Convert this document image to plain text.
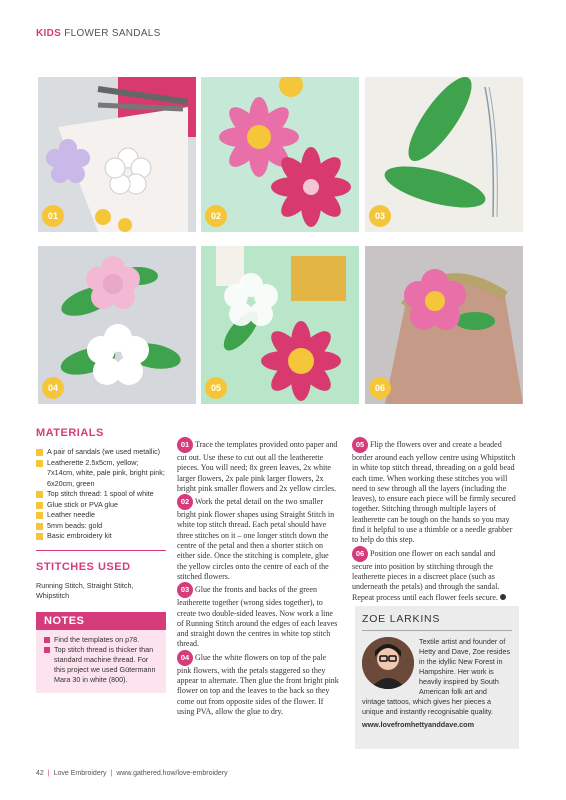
KIDS FLOWER SANDALS
01	02	03
04	05	06
MATERIALS
A pair of sandals (we used metallic)
Leatherette 2.5x5cm, yellow; 7x14cm, white, pale pink, bright pink; 6x20cm, green
Top stitch thread: 1 spool of white
Glue stick or PVA glue
Leather needle
5mm beads: gold
Basic embroidery kit
STITCHES USED
Running Stitch, Straight Stitch, Whipstitch
NOTES
Find the templates on p78.
Top stitch thread is thicker than standard machine thread. For this project we used Gütermann Mara 30 in white (800).

01 Trace the templates provided onto paper and cut out. Use these to cut out all the leatherette pieces. You will need; 8x green leaves, 2x white larger flowers, 2x pale pink larger flowers, 2x bright pink smaller flowers and 2x yellow circles.

02 Work the petal detail on the two smaller bright pink flower shapes using Straight Stitch in white top stitch thread. Each petal should have three stitches on it – one longer stitch down the centre of the petal and then a shorter stitch on either side. Once the stitching is complete, glue the yellow circles onto the centre of each of the stitched flowers.

03 Glue the fronts and backs of the green leatherette together (wrong sides together), to create two double-sided leaves. Now work a line of Running Stitch around the edges of each leaves and straight down the centres in white top stitch thread.

04 Glue the white flowers on top of the pale pink flowers, with the petals staggered so they appear to alternate. Then glue the front bright pink flower on top and the leaves to the back so they come out from opposite sides of the flower. If using PVA, allow the glue to dry.

05 Flip the flowers over and create a beaded border around each yellow centre using Whipstitch in white top stitch thread, threading on a gold bead each time. When working these stitches you will need to sew through all the layers (including the leaves), to ensure each piece will be firmly secured together. Stitching through multiple layers of leatherette can be tough on the hands so you may find it helpful to use a thimble or a needle grabber to help do this step.

06 Position one flower on each sandal and secure into position by stitching through the leatherette pieces in a discreet place (such as underneath the petals) and through the sandal. Repeat process until each flower feels secure.

ZOE LARKINS
Textile artist and founder of Hetty and Dave, Zoe resides in the idyllic New Forest in Hampshire. Her work is heavily inspired by South American folk art and vintage tattoos, which gives her pieces a unique and instantly recognisable quality.
www.lovefromhettyanddave.com
42 | Love Embroidery | www.gathered.how/love-embroidery
